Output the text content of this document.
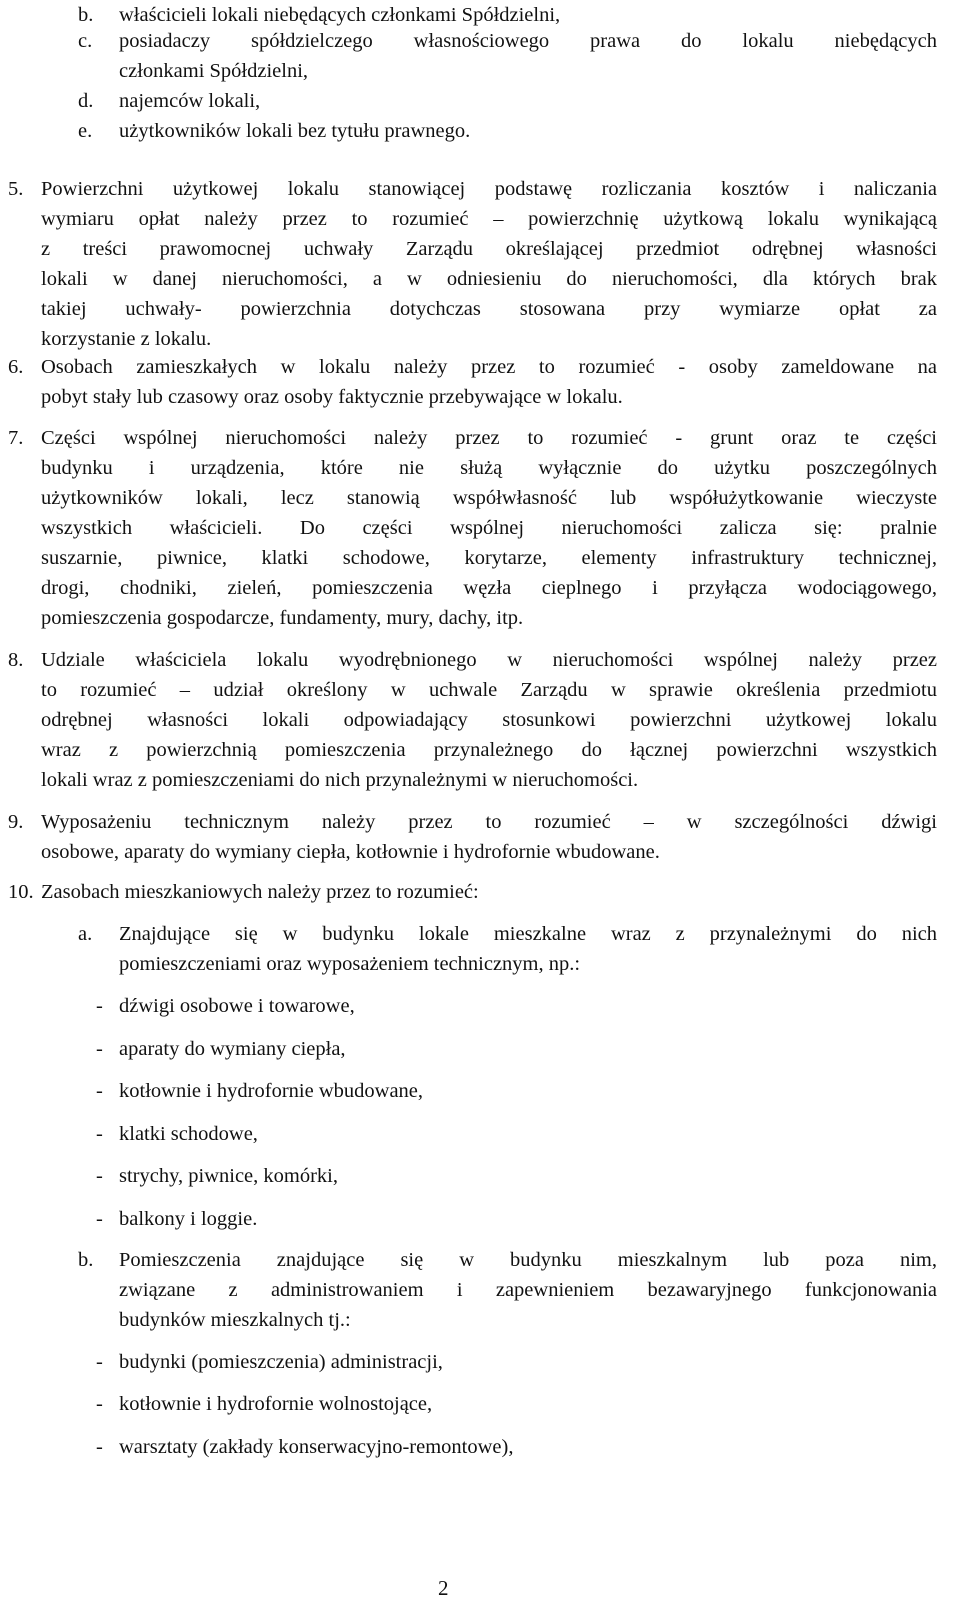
b. właścicieli lokali niebędących członkami Spółdzielni,
c. posiadaczy spółdzielczego własnościowego prawa do lokalu niebędących
członkami Spółdzielni,
d. najemców lokali,
e. użytkowników lokali bez tytułu prawnego.
5. Powierzchni użytkowej lokalu stanowiącej podstawę rozliczania kosztów i naliczania
wymiaru opłat należy przez to rozumieć – powierzchnię użytkową lokalu wynikającą
z treści prawomocnej uchwały Zarządu określającej przedmiot odrębnej własności
lokali w danej nieruchomości, a w odniesieniu do nieruchomości, dla których brak
takiej uchwały- powierzchnia dotychczas stosowana przy wymiarze opłat za
korzystanie z lokalu.
6. Osobach zamieszkałych w lokalu należy przez to rozumieć - osoby zameldowane na
pobyt stały lub czasowy oraz osoby faktycznie przebywające w lokalu.
7. Części wspólnej nieruchomości należy przez to rozumieć - grunt oraz te części
budynku i urządzenia, które nie służą wyłącznie do użytku poszczególnych
użytkowników lokali, lecz stanowią współwłasność lub współużytkowanie wieczyste
wszystkich właścicieli. Do części wspólnej nieruchomości zalicza się: pralnie
suszarnie, piwnice, klatki schodowe, korytarze, elementy infrastruktury technicznej,
drogi, chodniki, zieleń, pomieszczenia węzła cieplnego i przyłącza wodociągowego,
pomieszczenia gospodarcze, fundamenty, mury, dachy, itp.
8. Udziale właściciela lokalu wyodrębnionego w nieruchomości wspólnej należy przez
to rozumieć – udział określony w uchwale Zarządu w sprawie określenia przedmiotu
odrębnej własności lokali odpowiadający stosunkowi powierzchni użytkowej lokalu
wraz z powierzchnią pomieszczenia przynależnego do łącznej powierzchni wszystkich
lokali wraz z pomieszczeniami do nich przynależnymi w nieruchomości.
9. Wyposażeniu technicznym należy przez to rozumieć – w szczególności dźwigi
osobowe, aparaty do wymiany ciepła, kotłownie i hydrofornie wbudowane.
10. Zasobach mieszkaniowych należy przez to rozumieć:
a. Znajdujące się w budynku lokale mieszkalne wraz z przynależnymi do nich
pomieszczeniami oraz wyposażeniem technicznym, np.:
- dźwigi osobowe i towarowe,
- aparaty do wymiany ciepła,
- kotłownie i hydrofornie wbudowane,
- klatki schodowe,
- strychy, piwnice, komórki,
- balkony i loggie.
b. Pomieszczenia znajdujące się w budynku mieszkalnym lub poza nim,
związane z administrowaniem i zapewnieniem bezawaryjnego funkcjonowania
budynków mieszkalnych tj.:
- budynki (pomieszczenia) administracji,
- kotłownie i hydrofornie wolnostojące,
- warsztaty (zakłady konserwacyjno-remontowe),
2
